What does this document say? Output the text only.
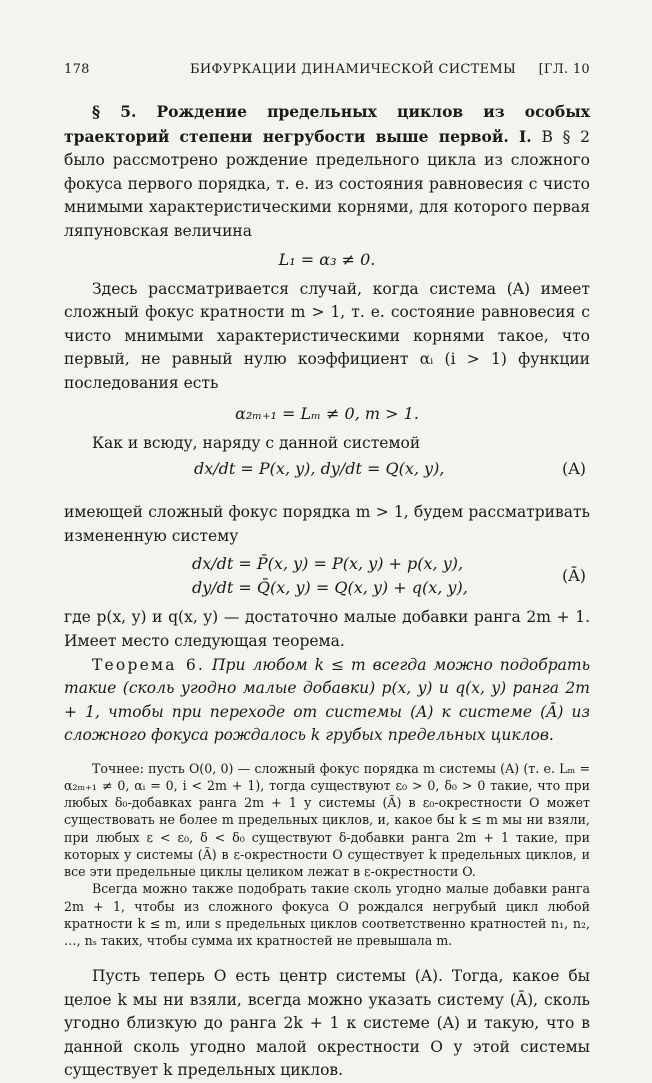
178	БИФУРКАЦИИ ДИНАМИЧЕСКОЙ СИСТЕМЫ [ГЛ. 10

§ 5. Рождение предельных циклов из особых траекторий степени негрубости выше первой. I. В § 2 было рассмотрено рождение предельного цикла из сложного фокуса первого порядка, т. е. из состояния равновесия с чисто мнимыми характеристическими корнями, для которого первая ляпуновская величина

L₁ = α₃ ≠ 0.

Здесь рассматривается случай, когда система (A) имеет сложный фокус кратности m > 1, т. е. состояние равновесия с чисто мнимыми характеристическими корнями такое, что первый, не равный нулю коэффициент αᵢ (i > 1) функции последования есть

α₂ₘ₊₁ = Lₘ ≠ 0, m > 1.

Как и всюду, наряду с данной системой

dx/dt = P(x, y), dy/dt = Q(x, y),	(A)

имеющей сложный фокус порядка m > 1, будем рассматривать измененную систему

dx/dt = P̄(x, y) = P(x, y) + p(x, y),
dy/dt = Q̄(x, y) = Q(x, y) + q(x, y),
(Ā)

где p(x, y) и q(x, y) — достаточно малые добавки ранга 2m + 1. Имеет место следующая теорема.

Теорема 6. При любом k ≤ m всегда можно подобрать такие (сколь угодно малые добавки) p(x, y) и q(x, y) ранга 2m + 1, чтобы при переходе от системы (A) к системе (Ā) из сложного фокуса рождалось k грубых предельных циклов.

Точнее: пусть O(0, 0) — сложный фокус порядка m системы (A) (т. е. Lₘ = α₂ₘ₊₁ ≠ 0, αᵢ = 0, i < 2m + 1), тогда существуют ε₀ > 0, δ₀ > 0 такие, что при любых δ₀-добавках ранга 2m + 1 у системы (Ã) в ε₀-окрестности O может существовать не более m предельных циклов, и, какое бы k ≤ m мы ни взяли, при любых ε < ε₀, δ < δ₀ существуют δ-добавки ранга 2m + 1 такие, при которых у системы (Ã) в ε-окрестности O существует k предельных циклов, и все эти предельные циклы целиком лежат в ε-окрестности O.

Всегда можно также подобрать такие сколь угодно малые добавки ранга 2m + 1, чтобы из сложного фокуса O рождался негрубый цикл любой кратности k ≤ m, или s предельных циклов соответственно кратностей n₁, n₂, …, nₛ таких, чтобы сумма их кратностей не превышала m.

Пусть теперь O есть центр системы (A). Тогда, какое бы целое k мы ни взяли, всегда можно указать систему (Ā), сколь угодно близкую до ранга 2k + 1 к системе (A) и такую, что в данной сколь угодно малой окрестности O у этой системы существует k предельных циклов.
